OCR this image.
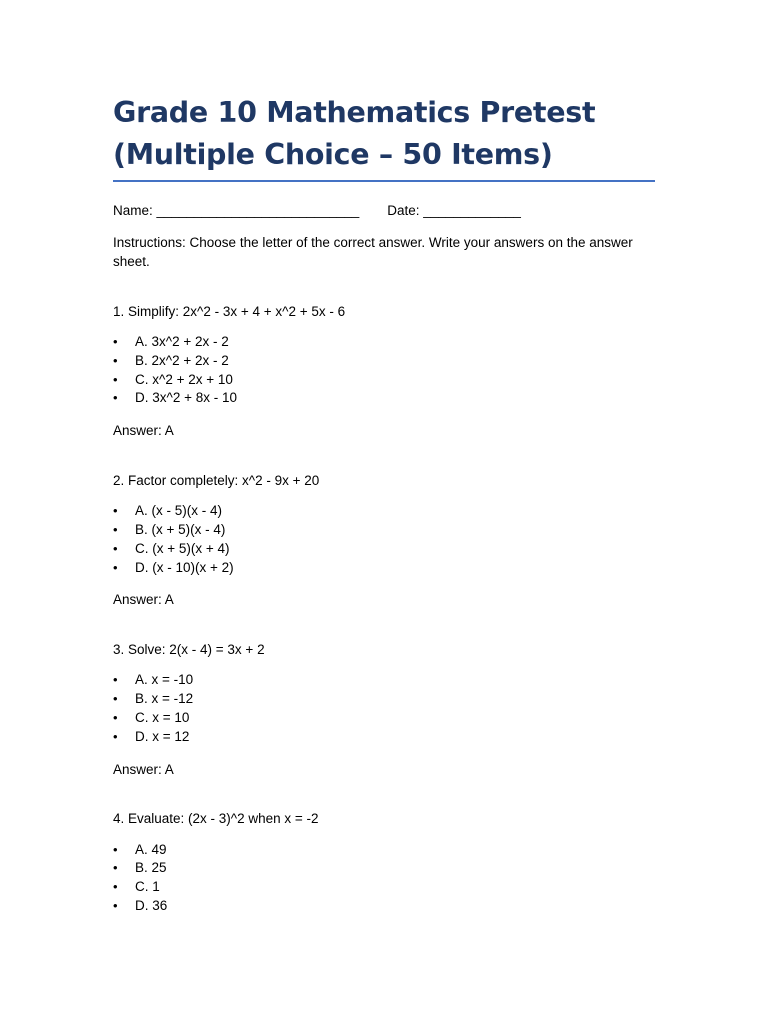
Grade 10 Mathematics Pretest
(Multiple Choice – 50 Items)

Name: ___________________________ Date: _____________

Instructions: Choose the letter of the correct answer. Write your answers on the answer sheet.

1. Simplify: 2x^2 - 3x + 4 + x^2 + 5x - 6

• A. 3x^2 + 2x - 2
• B. 2x^2 + 2x - 2
• C. x^2 + 2x + 10
• D. 3x^2 + 8x - 10

Answer: A

2. Factor completely: x^2 - 9x + 20

• A. (x - 5)(x - 4)
• B. (x + 5)(x - 4)
• C. (x + 5)(x + 4)
• D. (x - 10)(x + 2)

Answer: A

3. Solve: 2(x - 4) = 3x + 2

• A. x = -10
• B. x = -12
• C. x = 10
• D. x = 12

Answer: A

4. Evaluate: (2x - 3)^2 when x = -2

• A. 49
• B. 25
• C. 1
• D. 36
